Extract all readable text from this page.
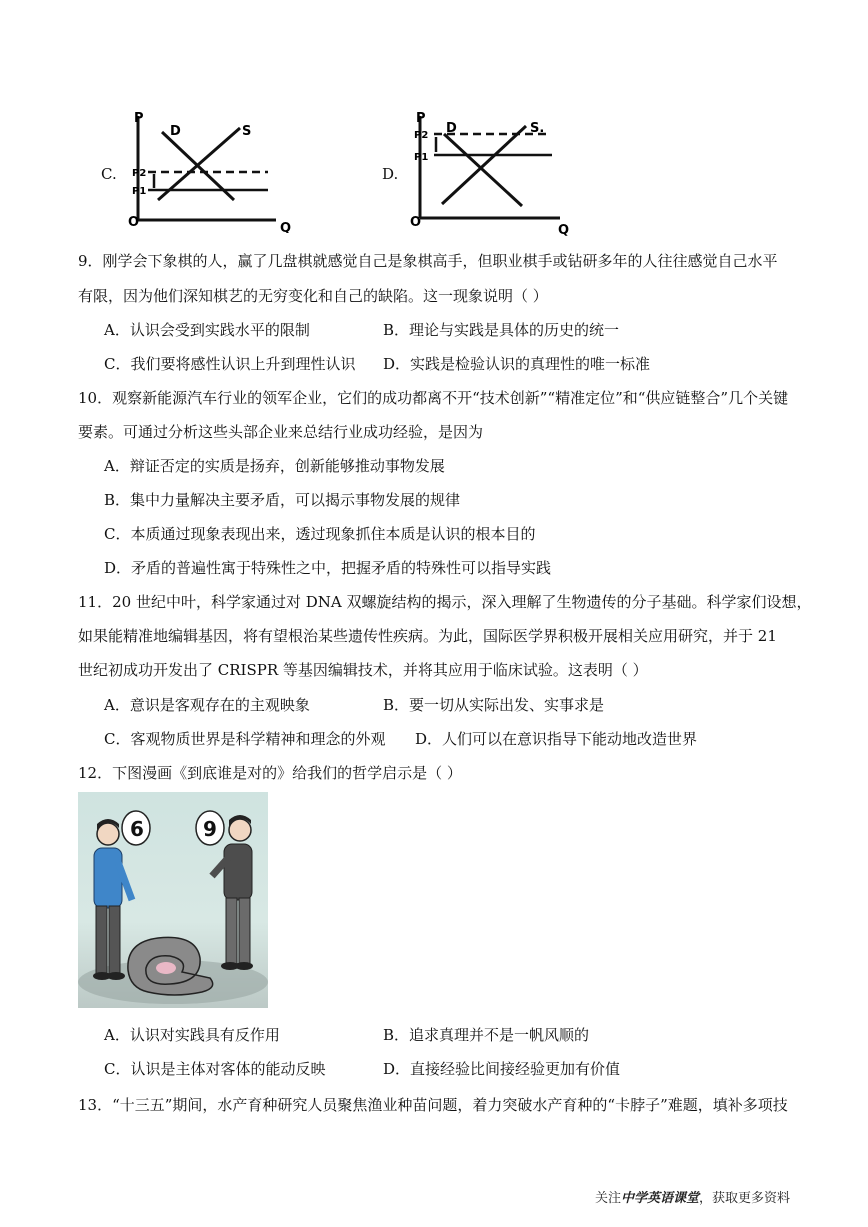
C.
P
O	Q
D	S
P2
P1
D.
P
O
Q
D	S.
P2
P1
9．刚学会下象棋的人，赢了几盘棋就感觉自己是象棋高手，但职业棋手或钻研多年的人往往感觉自己水平
有限，因为他们深知棋艺的无穷变化和自己的缺陷。这一现象说明（ ）
A．认识会受到实践水平的限制	B．理论与实践是具体的历史的统一
C．我们要将感性认识上升到理性认识 D．实践是检验认识的真理性的唯一标准
10．观察新能源汽车行业的领军企业，它们的成功都离不开“技术创新”“精准定位”和“供应链整合”几个关键
要素。可通过分析这些头部企业来总结行业成功经验，是因为
A．辩证否定的实质是扬弃，创新能够推动事物发展
B．集中力量解决主要矛盾，可以揭示事物发展的规律
C．本质通过现象表现出来，透过现象抓住本质是认识的根本目的
D．矛盾的普遍性寓于特殊性之中，把握矛盾的特殊性可以指导实践
11．20 世纪中叶，科学家通过对 DNA 双螺旋结构的揭示，深入理解了生物遗传的分子基础。科学家们设想，
如果能精准地编辑基因，将有望根治某些遗传性疾病。为此，国际医学界积极开展相关应用研究，并于 21
世纪初成功开发出了 CRISPR 等基因编辑技术，并将其应用于临床试验。这表明（ ）
A．意识是客观存在的主观映象	B．要一切从实际出发、实事求是
C．客观物质世界是科学精神和理念的外观 D．人们可以在意识指导下能动地改造世界
12．下图漫画《到底谁是对的》给我们的哲学启示是（ ）
6	9
A．认识对实践具有反作用	B．追求真理并不是一帆风顺的
C．认识是主体对客体的能动反映	D．直接经验比间接经验更加有价值
13．“十三五”期间，水产育种研究人员聚焦渔业种苗问题，着力突破水产育种的“卡脖子”难题，填补多项技
关注中学英语课堂，获取更多资料
